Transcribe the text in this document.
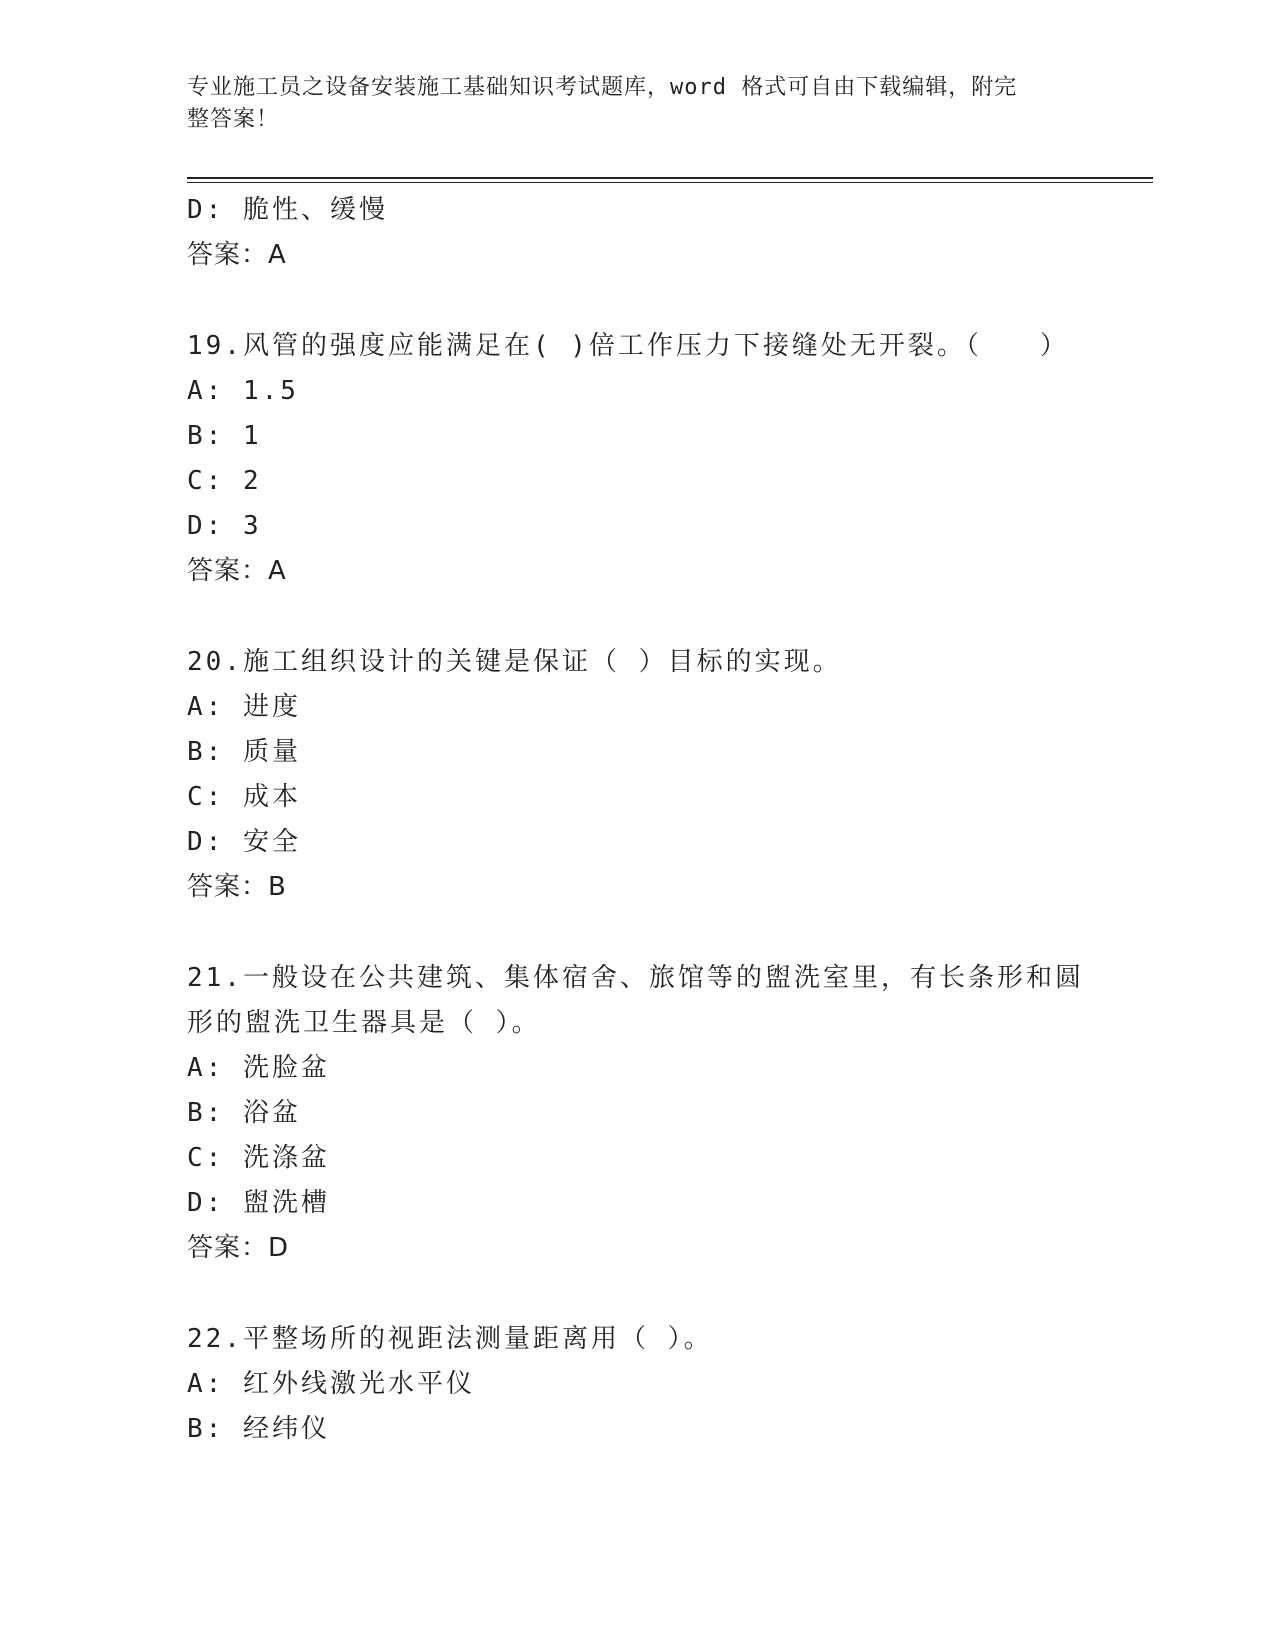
专业施工员之设备安装施工基础知识考试题库，word 格式可自由下载编辑，附完
整答案！
D: 脆性、缓慢
答案：A
19.风管的强度应能满足在( )倍工作压力下接缝处无开裂。（　　）
A: 1.5
B: 1
C: 2
D: 3
答案：A
20.施工组织设计的关键是保证（ ）目标的实现。
A: 进度
B: 质量
C: 成本
D: 安全
答案：B
21.一般设在公共建筑、集体宿舍、旅馆等的盥洗室里，有长条形和圆
形的盥洗卫生器具是（ ）。
A: 洗脸盆
B: 浴盆
C: 洗涤盆
D: 盥洗槽
答案：D
22.平整场所的视距法测量距离用（ ）。
A: 红外线激光水平仪
B: 经纬仪
